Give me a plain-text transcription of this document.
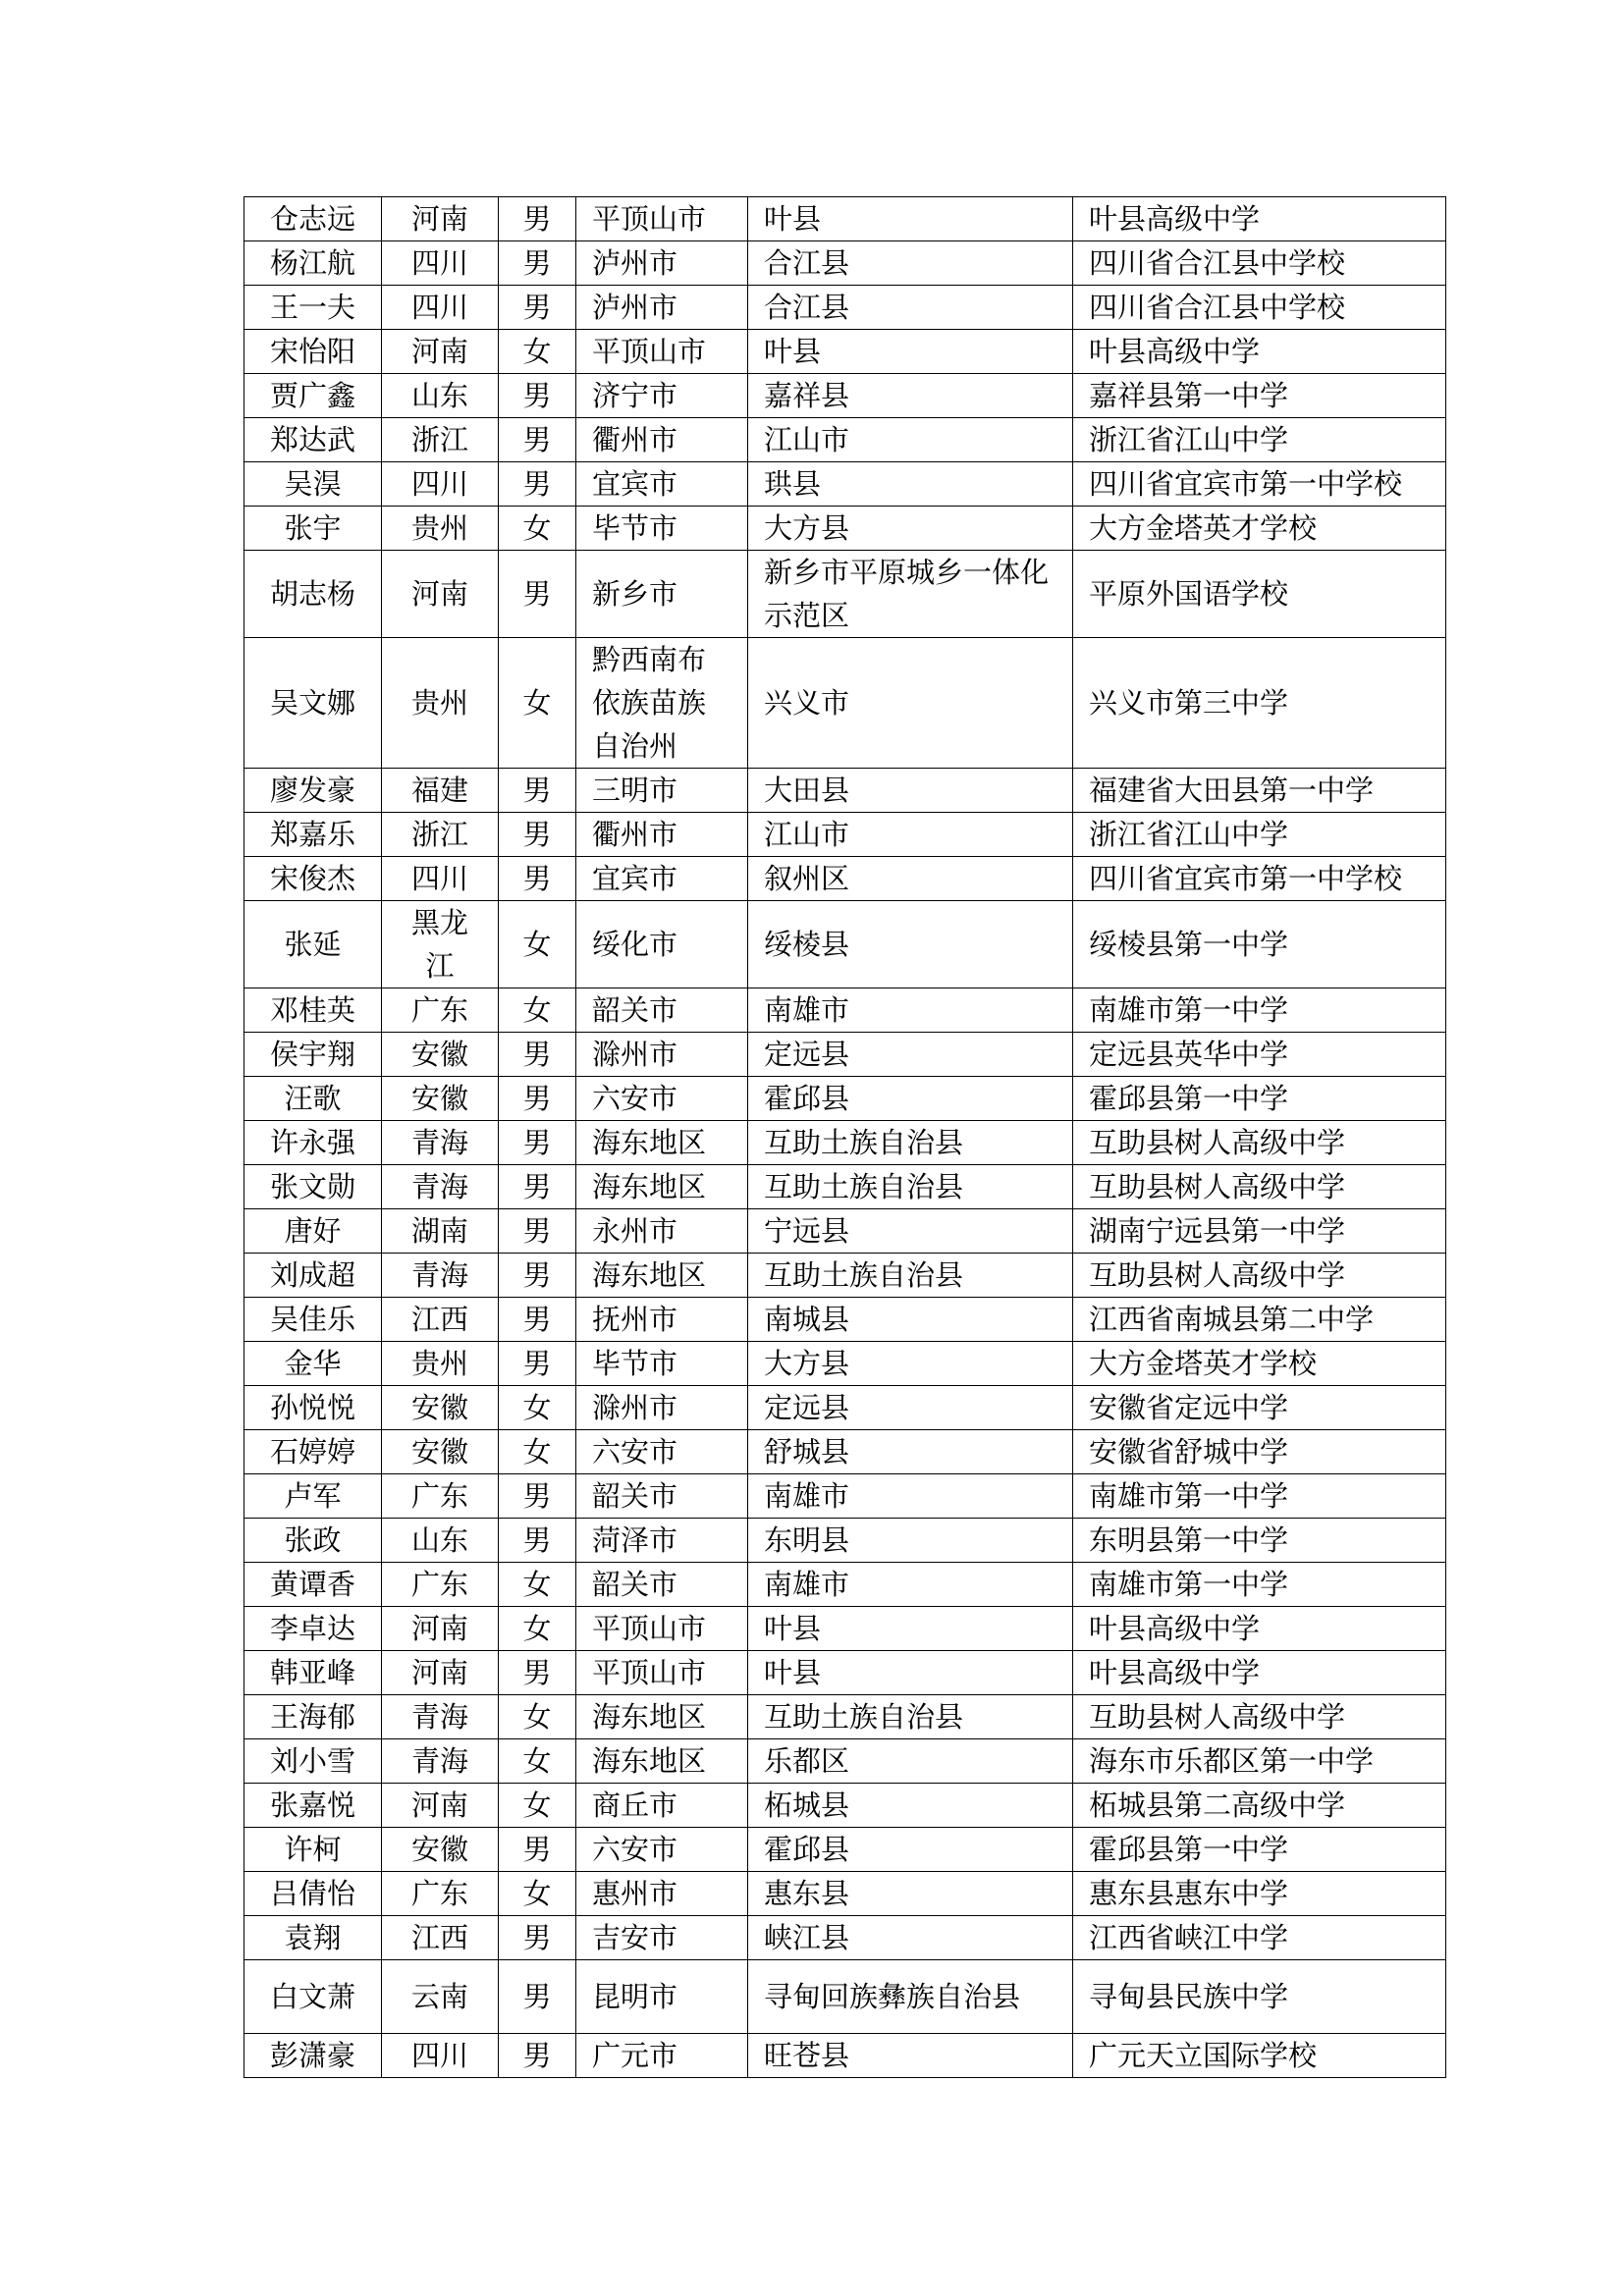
仓志远	河南	男	平顶山市	叶县	叶县高级中学
杨江航	四川	男	泸州市	合江县	四川省合江县中学校
王一夫	四川	男	泸州市	合江县	四川省合江县中学校
宋怡阳	河南	女	平顶山市	叶县	叶县高级中学
贾广鑫	山东	男	济宁市	嘉祥县	嘉祥县第一中学
郑达武	浙江	男	衢州市	江山市	浙江省江山中学
吴淏	四川	男	宜宾市	珙县	四川省宜宾市第一中学校
张宇	贵州	女	毕节市	大方县	大方金塔英才学校
胡志杨	河南	男	新乡市	新乡市平原城乡一体化示范区	平原外国语学校
吴文娜	贵州	女	黔西南布依族苗族自治州	兴义市	兴义市第三中学
廖发豪	福建	男	三明市	大田县	福建省大田县第一中学
郑嘉乐	浙江	男	衢州市	江山市	浙江省江山中学
宋俊杰	四川	男	宜宾市	叙州区	四川省宜宾市第一中学校
张延	黑龙江	女	绥化市	绥棱县	绥棱县第一中学
邓桂英	广东	女	韶关市	南雄市	南雄市第一中学
侯宇翔	安徽	男	滁州市	定远县	定远县英华中学
汪歌	安徽	男	六安市	霍邱县	霍邱县第一中学
许永强	青海	男	海东地区	互助土族自治县	互助县树人高级中学
张文勋	青海	男	海东地区	互助土族自治县	互助县树人高级中学
唐好	湖南	男	永州市	宁远县	湖南宁远县第一中学
刘成超	青海	男	海东地区	互助土族自治县	互助县树人高级中学
吴佳乐	江西	男	抚州市	南城县	江西省南城县第二中学
金华	贵州	男	毕节市	大方县	大方金塔英才学校
孙悦悦	安徽	女	滁州市	定远县	安徽省定远中学
石婷婷	安徽	女	六安市	舒城县	安徽省舒城中学
卢军	广东	男	韶关市	南雄市	南雄市第一中学
张政	山东	男	菏泽市	东明县	东明县第一中学
黄谭香	广东	女	韶关市	南雄市	南雄市第一中学
李卓达	河南	女	平顶山市	叶县	叶县高级中学
韩亚峰	河南	男	平顶山市	叶县	叶县高级中学
王海郁	青海	女	海东地区	互助土族自治县	互助县树人高级中学
刘小雪	青海	女	海东地区	乐都区	海东市乐都区第一中学
张嘉悦	河南	女	商丘市	柘城县	柘城县第二高级中学
许柯	安徽	男	六安市	霍邱县	霍邱县第一中学
吕倩怡	广东	女	惠州市	惠东县	惠东县惠东中学
袁翔	江西	男	吉安市	峡江县	江西省峡江中学
白文萧	云南	男	昆明市	寻甸回族彝族自治县	寻甸县民族中学
彭潇豪	四川	男	广元市	旺苍县	广元天立国际学校
